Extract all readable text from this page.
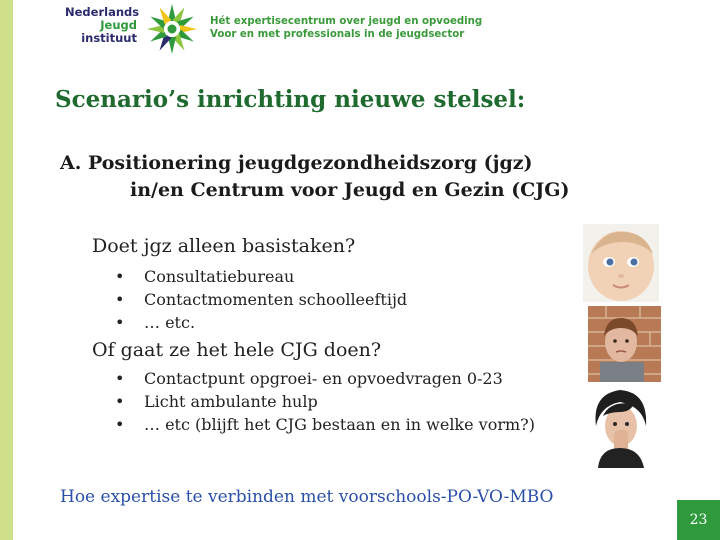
Nederlands
Jeugd
instituut
Hét expertisecentrum over jeugd en opvoeding
Voor en met professionals in de jeugdsector
Scenario’s inrichting nieuwe stelsel:
A. Positionering jeugdgezondheidszorg (jgz)
in/en Centrum voor Jeugd en Gezin (CJG)
Doet jgz alleen basistaken?
• Consultatiebureau
• Contactmomenten schoolleeftijd
• … etc.
Of gaat ze het hele CJG doen?
• Contactpunt opgroei- en opvoedvragen 0-23
• Licht ambulante hulp
• … etc (blijft het CJG bestaan en in welke vorm?)
Hoe expertise te verbinden met voorschools-PO-VO-MBO
23
